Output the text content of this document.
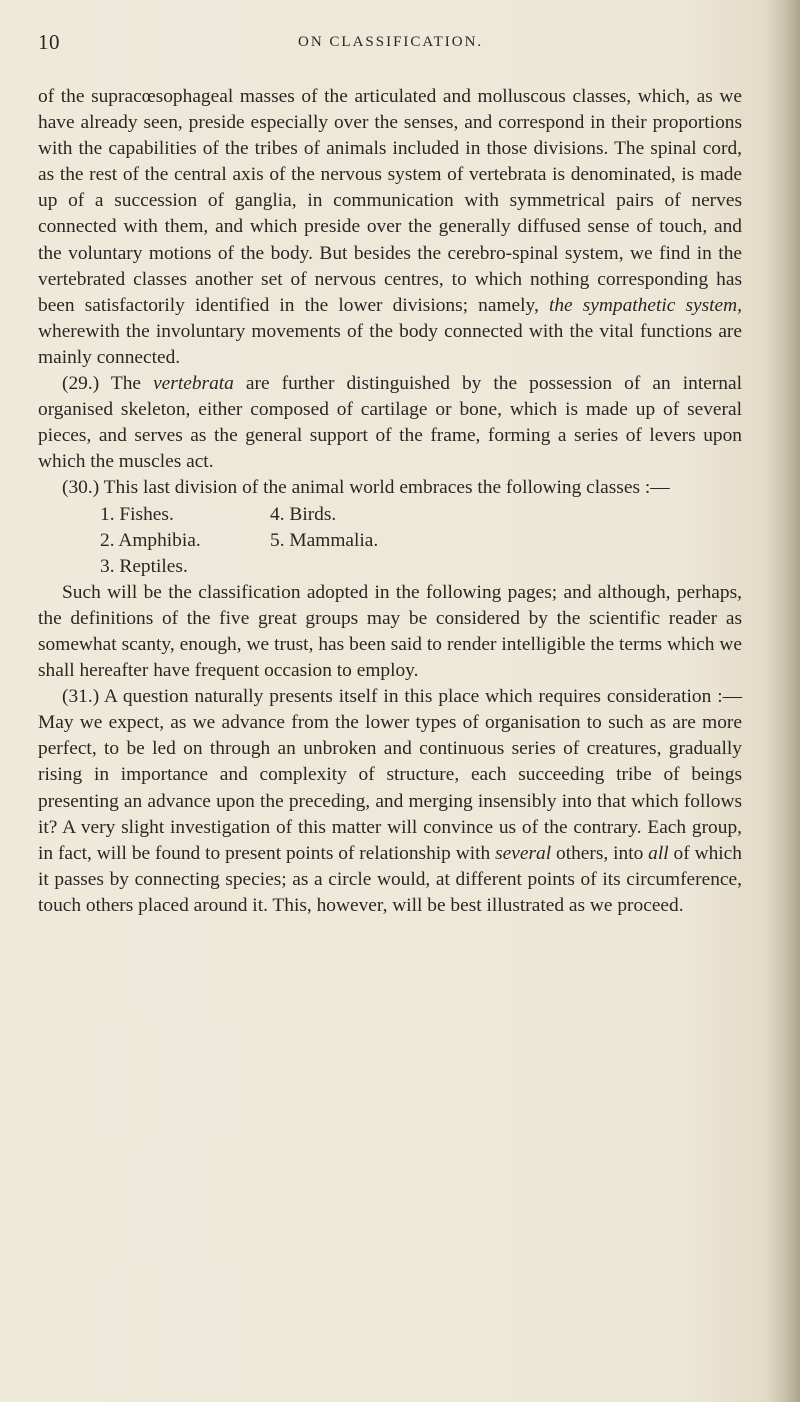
10	ON CLASSIFICATION.

of the supracœsophageal masses of the articulated and molluscous classes, which, as we have already seen, preside especially over the senses, and correspond in their proportions with the capabilities of the tribes of animals included in those divisions. The spinal cord, as the rest of the central axis of the nervous system of vertebrata is denominated, is made up of a succession of ganglia, in communication with symmetrical pairs of nerves connected with them, and which preside over the generally diffused sense of touch, and the voluntary motions of the body. But besides the cerebro-spinal system, we find in the vertebrated classes another set of nervous centres, to which nothing corresponding has been satisfactorily identified in the lower divisions; namely, the sympathetic system, wherewith the involuntary movements of the body connected with the vital functions are mainly connected.

(29.) The vertebrata are further distinguished by the possession of an internal organised skeleton, either composed of cartilage or bone, which is made up of several pieces, and serves as the general support of the frame, forming a series of levers upon which the muscles act.

(30.) This last division of the animal world embraces the following classes :—

1. Fishes.	4. Birds.
2. Amphibia.	5. Mammalia.
3. Reptiles.

Such will be the classification adopted in the following pages; and although, perhaps, the definitions of the five great groups may be considered by the scientific reader as somewhat scanty, enough, we trust, has been said to render intelligible the terms which we shall hereafter have frequent occasion to employ.

(31.) A question naturally presents itself in this place which requires consideration :—May we expect, as we advance from the lower types of organisation to such as are more perfect, to be led on through an unbroken and continuous series of creatures, gradually rising in importance and complexity of structure, each succeeding tribe of beings presenting an advance upon the preceding, and merging insensibly into that which follows it? A very slight investigation of this matter will convince us of the contrary. Each group, in fact, will be found to present points of relationship with several others, into all of which it passes by connecting species; as a circle would, at different points of its circumference, touch others placed around it. This, however, will be best illustrated as we proceed.
